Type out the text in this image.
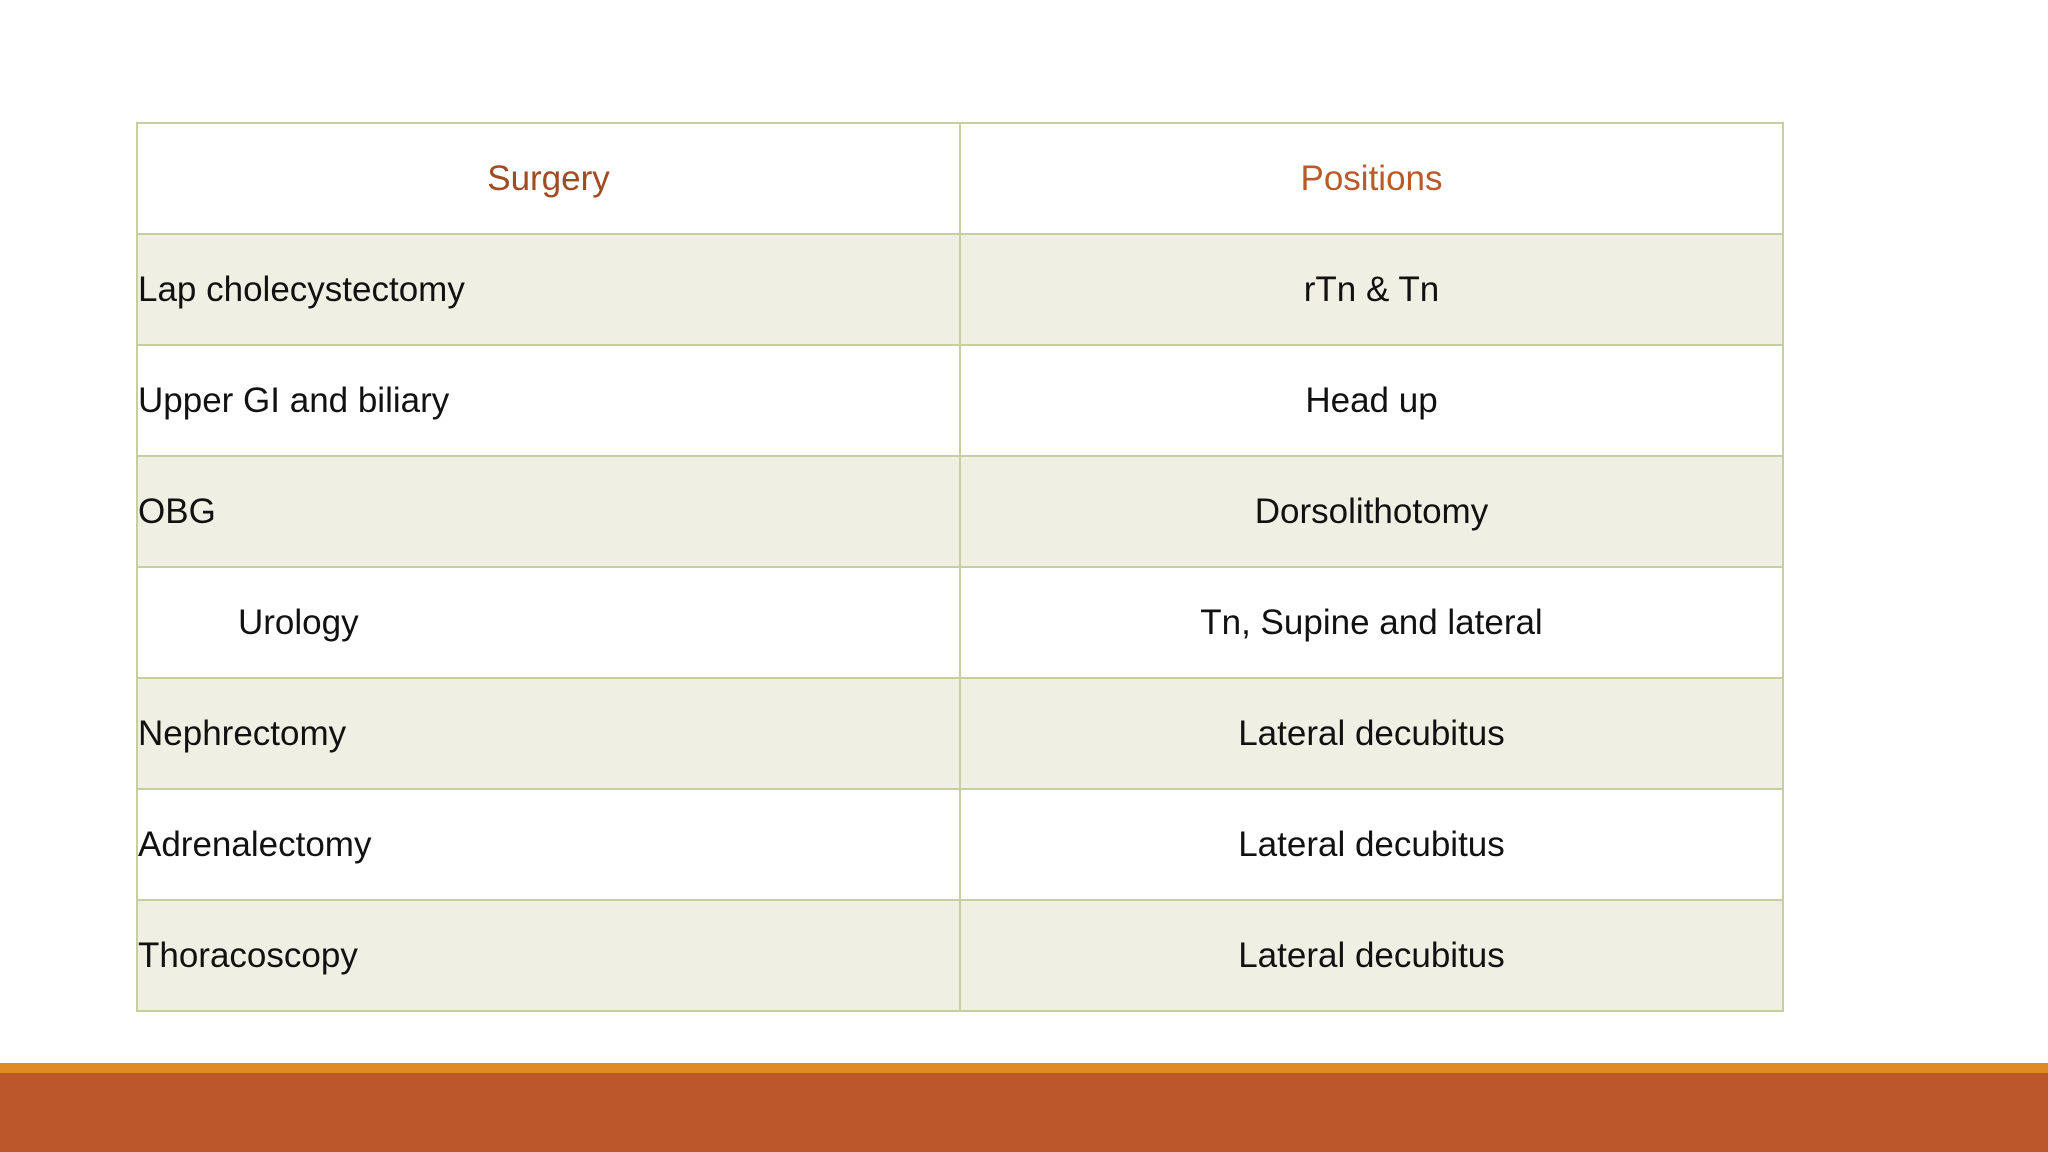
Surgery	Positions
Lap cholecystectomy	rTn & Tn
Upper GI and biliary	Head up
OBG	Dorsolithotomy
Urology	Tn, Supine and lateral
Nephrectomy	Lateral decubitus
Adrenalectomy	Lateral decubitus
Thoracoscopy	Lateral decubitus
